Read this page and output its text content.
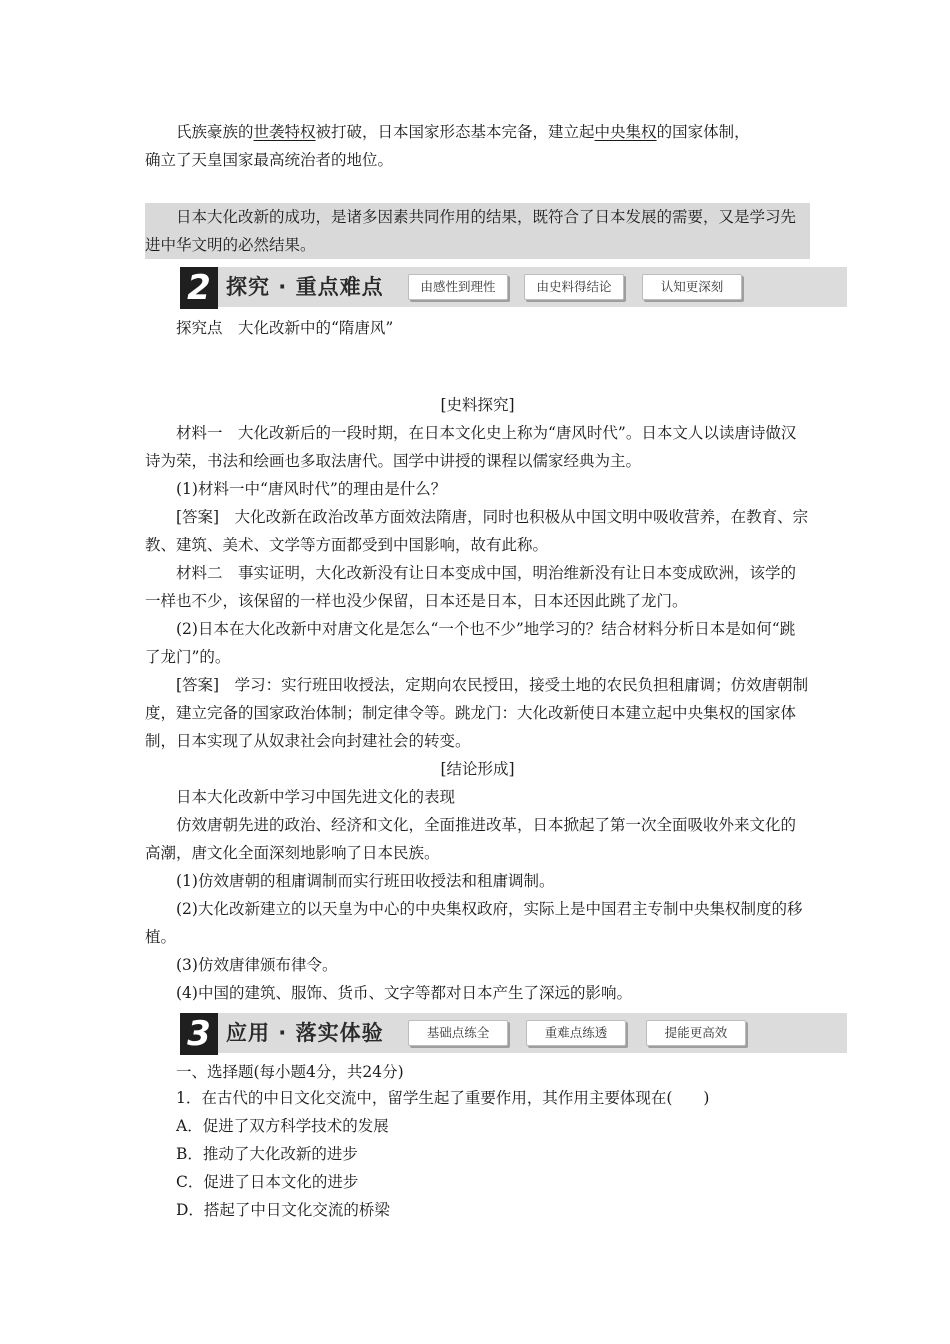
氏族豪族的世袭特权被打破，日本国家形态基本完备，建立起中央集权的国家体制，
确立了天皇国家最高统治者的地位。

日本大化改新的成功，是诸多因素共同作用的结果，既符合了日本发展的需要，又是学习先进中华文明的必然结果。

2 探究 · 重点难点	由感性到理性	由史料得结论	认知更深刻

探究点　大化改新中的“隋唐风”

[史料探究]

材料一　大化改新后的一段时期，在日本文化史上称为“唐风时代”。日本文人以读唐诗做汉诗为荣，书法和绘画也多取法唐代。国学中讲授的课程以儒家经典为主。

(1)材料一中“唐风时代”的理由是什么？

[答案]　大化改新在政治改革方面效法隋唐，同时也积极从中国文明中吸收营养，在教育、宗教、建筑、美术、文学等方面都受到中国影响，故有此称。

材料二　事实证明，大化改新没有让日本变成中国，明治维新没有让日本变成欧洲，该学的一样也不少，该保留的一样也没少保留，日本还是日本，日本还因此跳了龙门。

(2)日本在大化改新中对唐文化是怎么“一个也不少”地学习的？结合材料分析日本是如何“跳了龙门”的。

[答案]　学习：实行班田收授法，定期向农民授田，接受土地的农民负担租庸调；仿效唐朝制度，建立完备的国家政治体制；制定律令等。跳龙门：大化改新使日本建立起中央集权的国家体制，日本实现了从奴隶社会向封建社会的转变。

[结论形成]

日本大化改新中学习中国先进文化的表现

仿效唐朝先进的政治、经济和文化，全面推进改革，日本掀起了第一次全面吸收外来文化的高潮，唐文化全面深刻地影响了日本民族。

(1)仿效唐朝的租庸调制而实行班田收授法和租庸调制。

(2)大化改新建立的以天皇为中心的中央集权政府，实际上是中国君主专制中央集权制度的移植。

(3)仿效唐律颁布律令。

(4)中国的建筑、服饰、货币、文字等都对日本产生了深远的影响。

3 应用 · 落实体验	基础点练全	重难点练透	提能更高效

一、选择题(每小题4分，共24分)

1．在古代的中日文化交流中，留学生起了重要作用，其作用主要体现在(　　)

A．促进了双方科学技术的发展

B．推动了大化改新的进步

C．促进了日本文化的进步

D．搭起了中日文化交流的桥梁
